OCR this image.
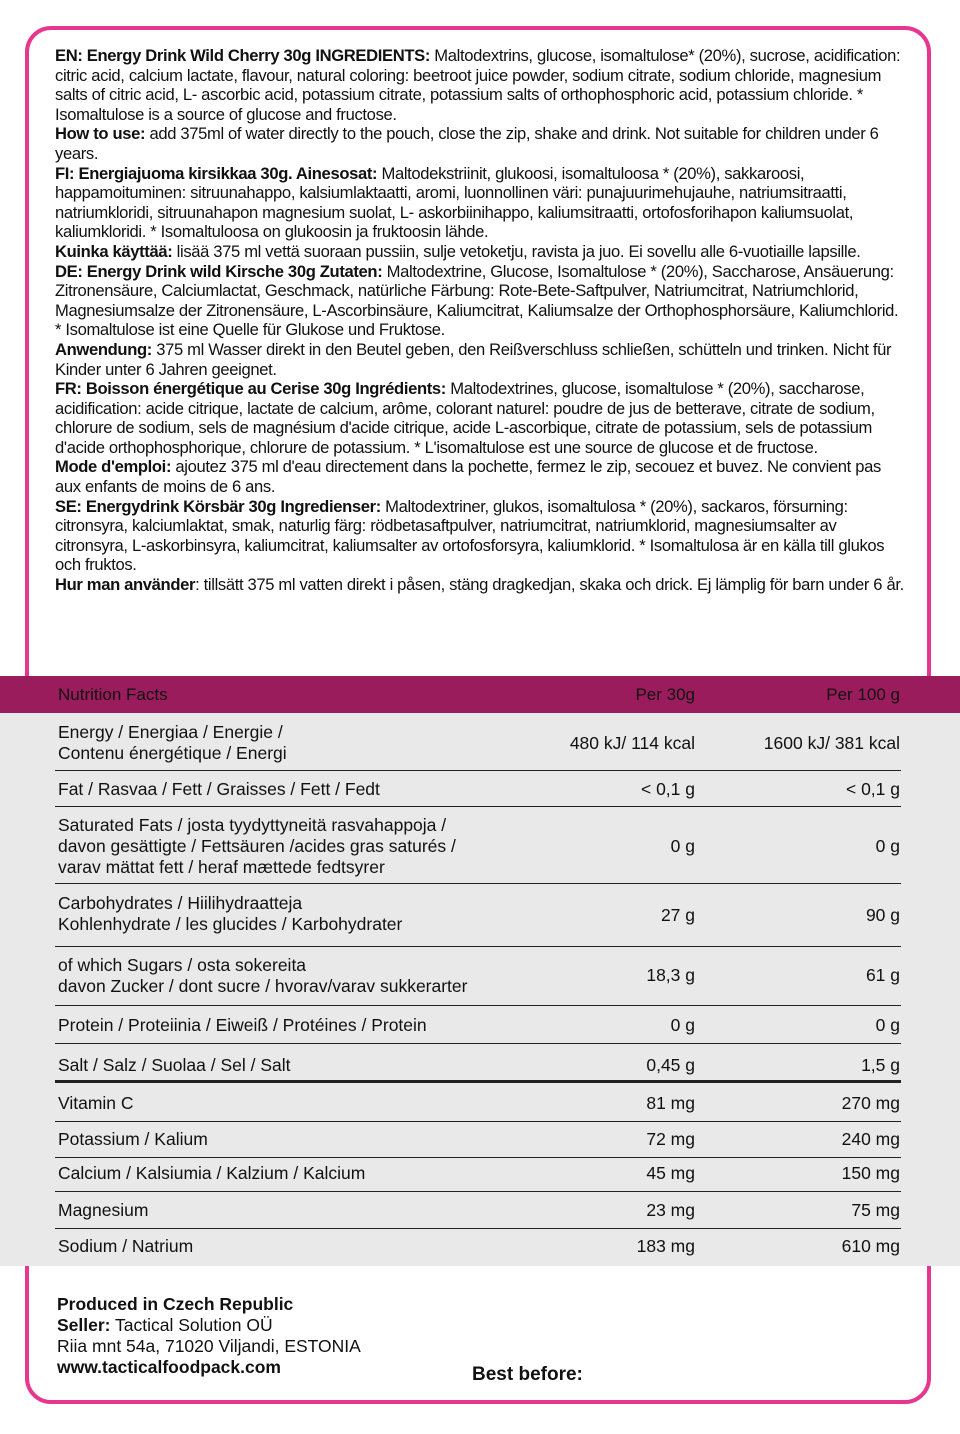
EN: Energy Drink Wild Cherry 30g INGREDIENTS: Maltodextrins, glucose, isomaltulose* (20%), sucrose, acidification: citric acid, calcium lactate, flavour, natural coloring: beetroot juice powder, sodium citrate, sodium chloride, magnesium salts of citric acid, L- ascorbic acid, potassium citrate, potassium salts of orthophosphoric acid, potassium chloride. * Isomaltulose is a source of glucose and fructose.

How to use: add 375ml of water directly to the pouch, close the zip, shake and drink. Not suitable for children under 6 years.

FI: Energiajuoma kirsikkaa 30g. Ainesosat: Maltodekstriinit, glukoosi, isomaltuloosa * (20%), sakkaroosi, happamoituminen: sitruunahappo, kalsiumlaktaatti, aromi, luonnollinen väri: punajuurimehujauhe, natriumsitraatti, natriumkloridi, sitruunahapon magnesium suolat, L- askorbiinihappo, kaliumsitraatti, ortofosforihapon kaliumsuolat, kaliumkloridi. * Isomaltuloosa on glukoosin ja fruktoosin lähde.

Kuinka käyttää: lisää 375 ml vettä suoraan pussiin, sulje vetoketju, ravista ja juo. Ei sovellu alle 6-vuotiaille lapsille.

DE: Energy Drink wild Kirsche 30g Zutaten: Maltodextrine, Glucose, Isomaltulose * (20%), Saccharose, Ansäuerung: Zitronensäure, Calciumlactat, Geschmack, natürliche Färbung: Rote-Bete-Saftpulver, Natriumcitrat, Natriumchlorid, Magnesiumsalze der Zitronensäure, L-Ascorbinsäure, Kaliumcitrat, Kaliumsalze der Orthophosphorsäure, Kaliumchlorid. * Isomaltulose ist eine Quelle für Glukose und Fruktose.

Anwendung: 375 ml Wasser direkt in den Beutel geben, den Reißverschluss schließen, schütteln und trinken. Nicht für Kinder unter 6 Jahren geeignet.

FR: Boisson énergétique au Cerise 30g Ingrédients: Maltodextrines, glucose, isomaltulose * (20%), saccharose, acidification: acide citrique, lactate de calcium, arôme, colorant naturel: poudre de jus de betterave, citrate de sodium, chlorure de sodium, sels de magnésium d'acide citrique, acide L-ascorbique, citrate de potassium, sels de potassium d'acide orthophosphorique, chlorure de potassium. * L'isomaltulose est une source de glucose et de fructose.

Mode d'emploi: ajoutez 375 ml d'eau directement dans la pochette, fermez le zip, secouez et buvez. Ne convient pas aux enfants de moins de 6 ans.

SE: Energydrink Körsbär 30g Ingredienser: Maltodextriner, glukos, isomaltulosa * (20%), sackaros, försurning: citronsyra, kalciumlaktat, smak, naturlig färg: rödbetasaftpulver, natriumcitrat, natriumklorid, magnesiumsalter av citronsyra, L-askorbinsyra, kaliumcitrat, kaliumsalter av ortofosforsyra, kaliumklorid. * Isomaltulosa är en källa till glukos och fruktos.

Hur man använder: tillsätt 375 ml vatten direkt i påsen, stäng dragkedjan, skaka och drick. Ej lämplig för barn under 6 år.

Nutrition Facts	Per 30g	Per 100 g
Energy / Energiaa / Energie /
Contenu énergétique / Energi	480 kJ/ 114 kcal	1600 kJ/ 381 kcal
Fat / Rasvaa / Fett / Graisses / Fett / Fedt	< 0,1 g	< 0,1 g
Saturated Fats / josta tyydyttyneitä rasvahappoja /
davon gesättigte / Fettsäuren /acides gras saturés /
varav mättat fett / heraf mættede fedtsyrer
0 g	0 g
Carbohydrates / Hiilihydraatteja
Kohlenhydrate / les glucides / Karbohydrater	27 g	90 g
of which Sugars / osta sokereita
davon Zucker / dont sucre / hvorav/varav sukkerarter
18,3 g	61 g
Protein / Proteiinia / Eiweiß / Protéines / Protein	0 g	0 g
Salt / Salz / Suolaa / Sel / Salt	0,45 g	1,5 g
Vitamin C	81 mg	270 mg
Potassium / Kalium	72 mg	240 mg
Calcium / Kalsiumia / Kalzium / Kalcium	45 mg	150 mg
Magnesium	23 mg	75 mg
Sodium / Natrium	183 mg	610 mg
Produced in Czech Republic
Seller: Tactical Solution OÜ
Riia mnt 54a, 71020 Viljandi, ESTONIA
www.tacticalfoodpack.com	Best before:
